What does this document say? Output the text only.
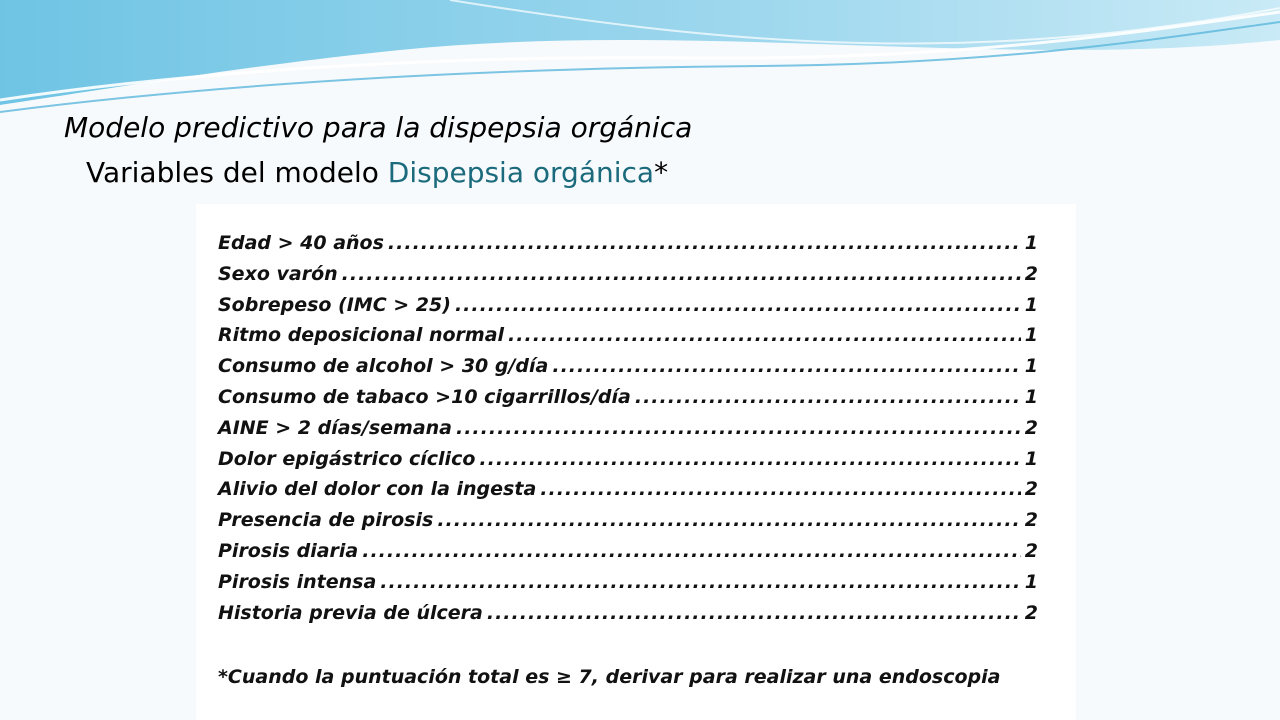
Modelo predictivo para la dispepsia orgánica
Variables del modelo Dispepsia orgánica*
Edad > 40 años .....	1
Sexo varón .....	2
Sobrepeso (IMC > 25) .....	1
Ritmo deposicional normal .....	1
Consumo de alcohol > 30 g/día .....	1
Consumo de tabaco >10 cigarrillos/día .....	1
AINE > 2 días/semana .....	2
Dolor epigástrico cíclico .....	1
Alivio del dolor con la ingesta .....	2
Presencia de pirosis .....	2
Pirosis diaria .....	2
Pirosis intensa .....	1
Historia previa de úlcera .....	2
*Cuando la puntuación total es ≥ 7, derivar para realizar una endoscopia
